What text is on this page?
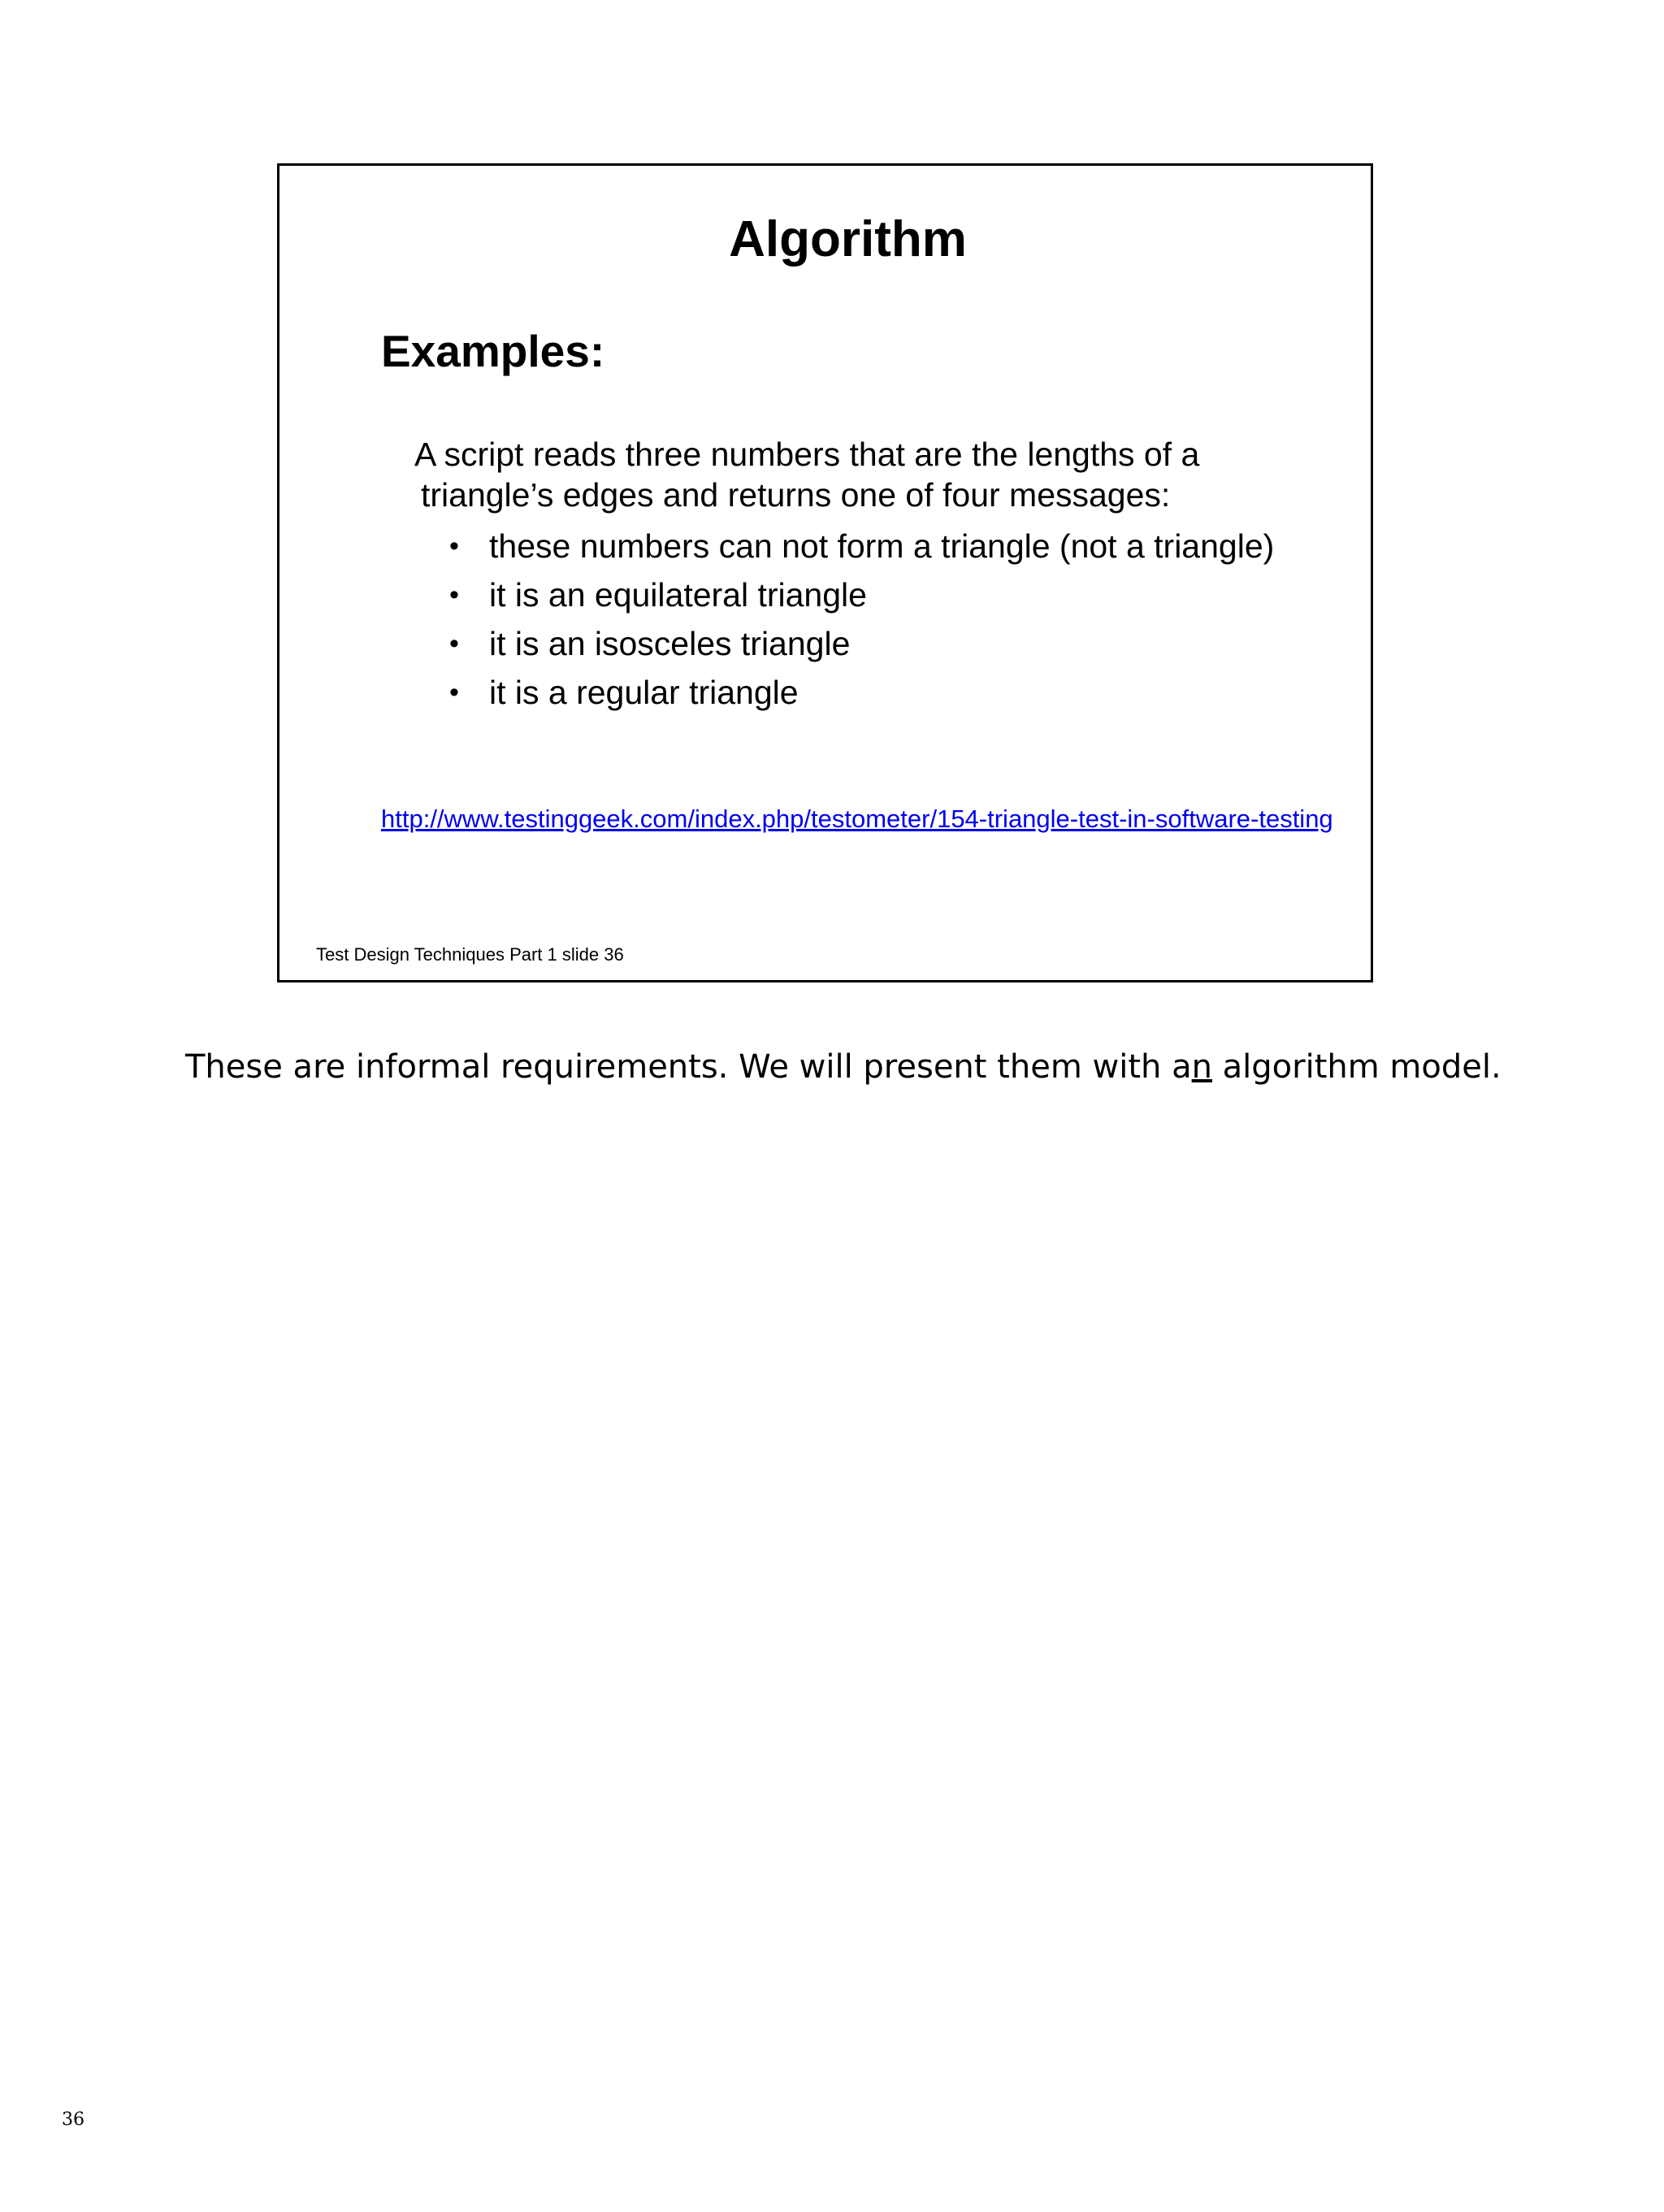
Algorithm
Examples:
A script reads three numbers that are the lengths of a
triangle’s edges and returns one of four messages:
• these numbers can not form a triangle (not a triangle)
• it is an equilateral triangle
• it is an isosceles triangle
• it is a regular triangle
http://www.testinggeek.com/index.php/testometer/154-triangle-test-in-software-testing
Test Design Techniques Part 1 slide 36
These are informal requirements. We will present them with an algorithm model.
36
